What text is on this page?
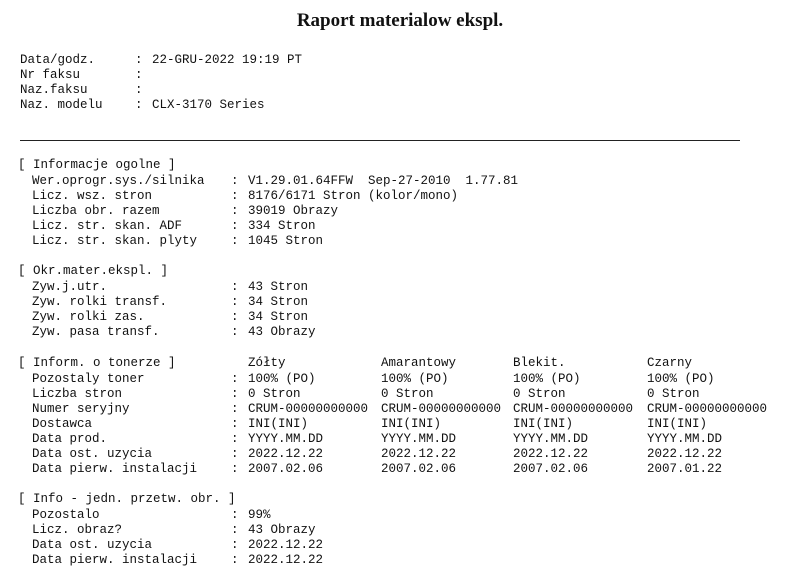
Raport materialow ekspl.
Data/godz.	: 22-GRU-2022 19:19 PT
Nr faksu	:
Naz.faksu	:
Naz. modelu	: CLX-3170 Series
[ Informacje ogolne ]
Wer.oprogr.sys./silnika : V1.29.01.64FFW  Sep-27-2010  1.77.81
Licz. wsz. stron	: 8176/6171 Stron (kolor/mono)
Liczba obr. razem	: 39019 Obrazy
Licz. str. skan. ADF	: 334 Stron
Licz. str. skan. plyty	: 1045 Stron
[ Okr.mater.ekspl. ]
Zyw.j.utr.	: 43 Stron
Zyw. rolki transf.	: 34 Stron
Zyw. rolki zas.	: 34 Stron
Zyw. pasa transf.	: 43 Obrazy
[ Inform. o tonerze ]	Zółty	Amarantowy	Blekit.	Czarny
Pozostaly toner	: 100% (PO)	100% (PO)	100% (PO)	100% (PO)
Liczba stron	: 0 Stron	0 Stron	0 Stron	0 Stron
Numer seryjny	: CRUM-00000000000 CRUM-00000000000 CRUM-00000000000 CRUM-00000000000
Dostawca	: INI(INI)	INI(INI)	INI(INI)	INI(INI)
Data prod.	: YYYY.MM.DD	YYYY.MM.DD	YYYY.MM.DD	YYYY.MM.DD
Data ost. uzycia	: 2022.12.22	2022.12.22	2022.12.22	2022.12.22
Data pierw. instalacji	: 2007.02.06	2007.02.06	2007.02.06	2007.01.22
[ Info - jedn. przetw. obr. ]
Pozostalo	: 99%
Licz. obraz?	: 43 Obrazy
Data ost. uzycia	: 2022.12.22
Data pierw. instalacji	: 2022.12.22
